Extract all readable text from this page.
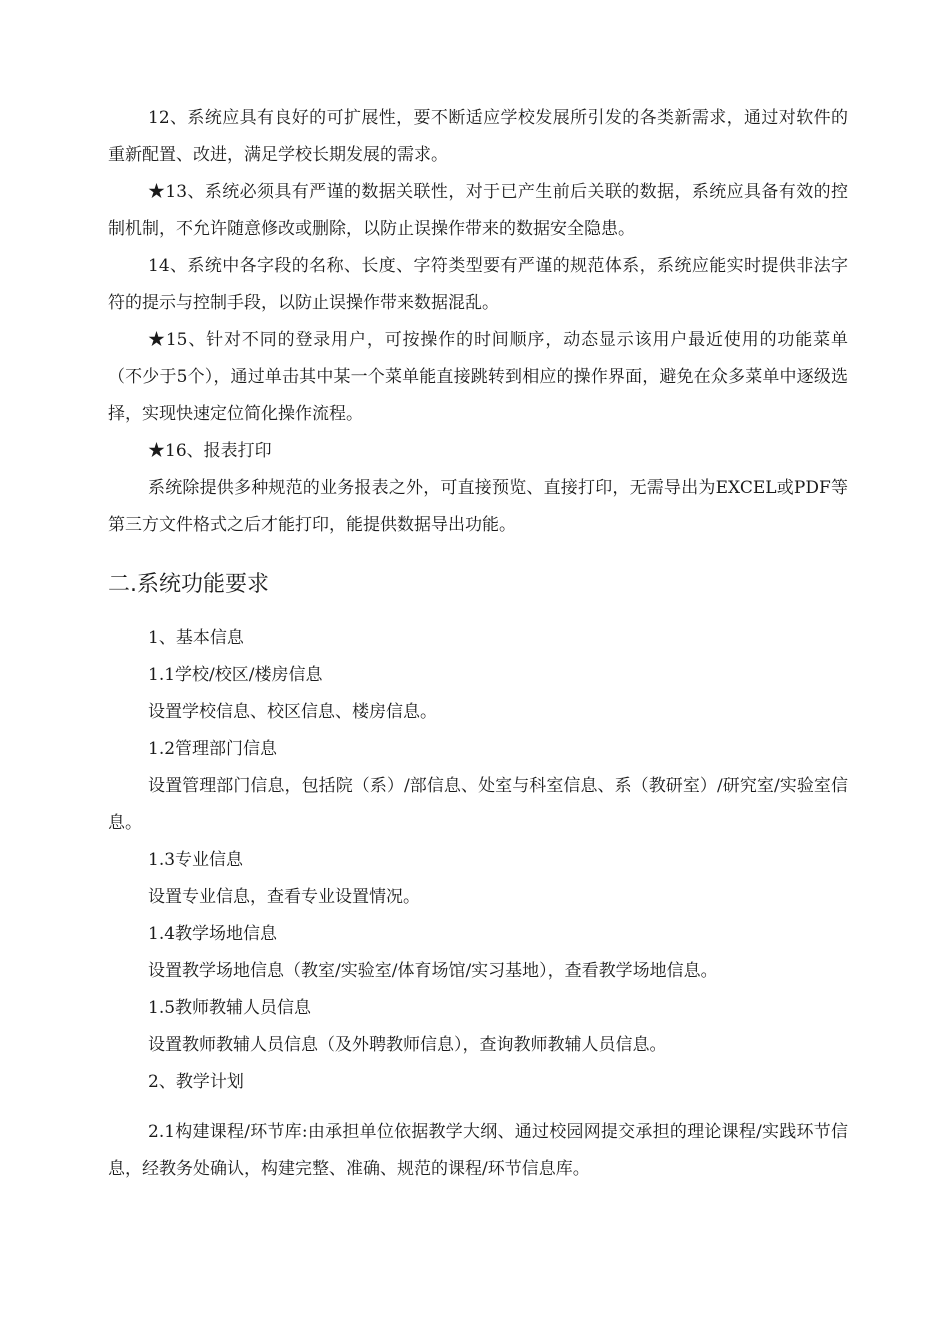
12、系统应具有良好的可扩展性，要不断适应学校发展所引发的各类新需求，通过对软件的重新配置、改进，满足学校长期发展的需求。

★13、系统必须具有严谨的数据关联性，对于已产生前后关联的数据，系统应具备有效的控制机制，不允许随意修改或删除，以防止误操作带来的数据安全隐患。

14、系统中各字段的名称、长度、字符类型要有严谨的规范体系，系统应能实时提供非法字符的提示与控制手段，以防止误操作带来数据混乱。

★15、针对不同的登录用户，可按操作的时间顺序，动态显示该用户最近使用的功能菜单（不少于5个），通过单击其中某一个菜单能直接跳转到相应的操作界面，避免在众多菜单中逐级选择，实现快速定位简化操作流程。

★16、报表打印

系统除提供多种规范的业务报表之外，可直接预览、直接打印，无需导出为EXCEL或PDF等第三方文件格式之后才能打印，能提供数据导出功能。

二.系统功能要求

1、基本信息

1.1学校/校区/楼房信息

设置学校信息、校区信息、楼房信息。

1.2管理部门信息

设置管理部门信息，包括院（系）/部信息、处室与科室信息、系（教研室）/研究室/实验室信息。

1.3专业信息

设置专业信息，查看专业设置情况。

1.4教学场地信息

设置教学场地信息（教室/实验室/体育场馆/实习基地），查看教学场地信息。

1.5教师教辅人员信息

设置教师教辅人员信息（及外聘教师信息），查询教师教辅人员信息。

2、教学计划

2.1构建课程/环节库:由承担单位依据教学大纲、通过校园网提交承担的理论课程/实践环节信息，经教务处确认，构建完整、准确、规范的课程/环节信息库。
